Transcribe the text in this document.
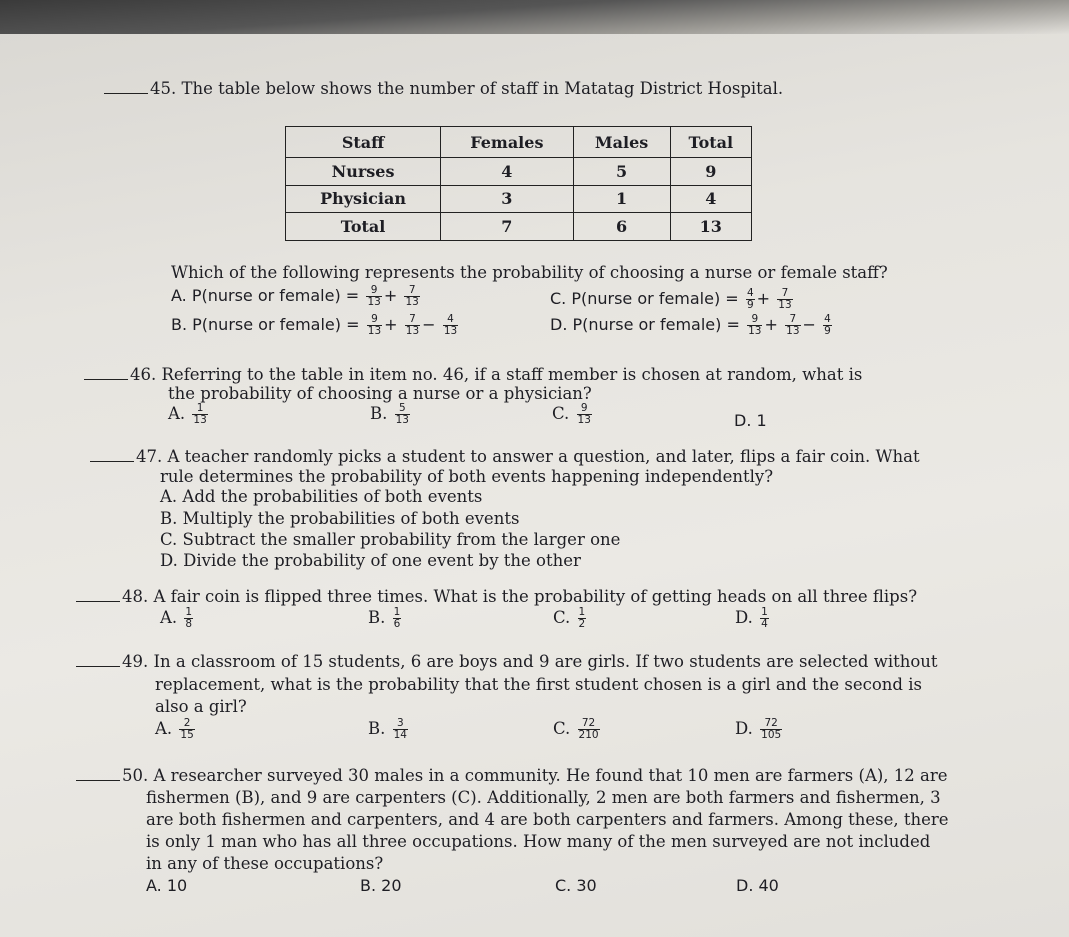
45. The table below shows the number of staff in Matatag District Hospital.
Staff	Females	Males	Total
Nurses	4	5	9
Physician	3	1	4
Total	7	6	13
Which of the following represents the probability of choosing a nurse or female staff?
A. P(nurse or female) = $\frac{9}{13} + \frac{7}{13}$	C. P(nurse or female) = $\frac{4}{9} + \frac{7}{13}$
B. P(nurse or female) = $\frac{9}{13} + \frac{7}{13} - \frac{4}{13}$	D. P(nurse or female) = $\frac{9}{13} + \frac{7}{13} - \frac{4}{9}$
46. Referring to the table in item no. 46, if a staff member is chosen at random, what is
the probability of choosing a nurse or a physician?
A. $\frac{1}{13}$	B. $\frac{5}{13}$	C. $\frac{9}{13}$	D. 1
47. A teacher randomly picks a student to answer a question, and later, flips a fair coin. What
rule determines the probability of both events happening independently?
A. Add the probabilities of both events
B. Multiply the probabilities of both events
C. Subtract the smaller probability from the larger one
D. Divide the probability of one event by the other
48. A fair coin is flipped three times. What is the probability of getting heads on all three flips?
A. $\frac{1}{8}$	B. $\frac{1}{6}$	C. $\frac{1}{2}$	D. $\frac{1}{4}$
49. In a classroom of 15 students, 6 are boys and 9 are girls. If two students are selected without
replacement, what is the probability that the first student chosen is a girl and the second is
also a girl?
A. $\frac{2}{15}$	B. $\frac{3}{14}$	C. $\frac{72}{210}$	D. $\frac{72}{105}$
50. A researcher surveyed 30 males in a community. He found that 10 men are farmers (A), 12 are
fishermen (B), and 9 are carpenters (C). Additionally, 2 men are both farmers and fishermen, 3
are both fishermen and carpenters, and 4 are both carpenters and farmers. Among these, there
is only 1 man who has all three occupations. How many of the men surveyed are not included
in any of these occupations?
A. 10	B. 20	C. 30	D. 40
